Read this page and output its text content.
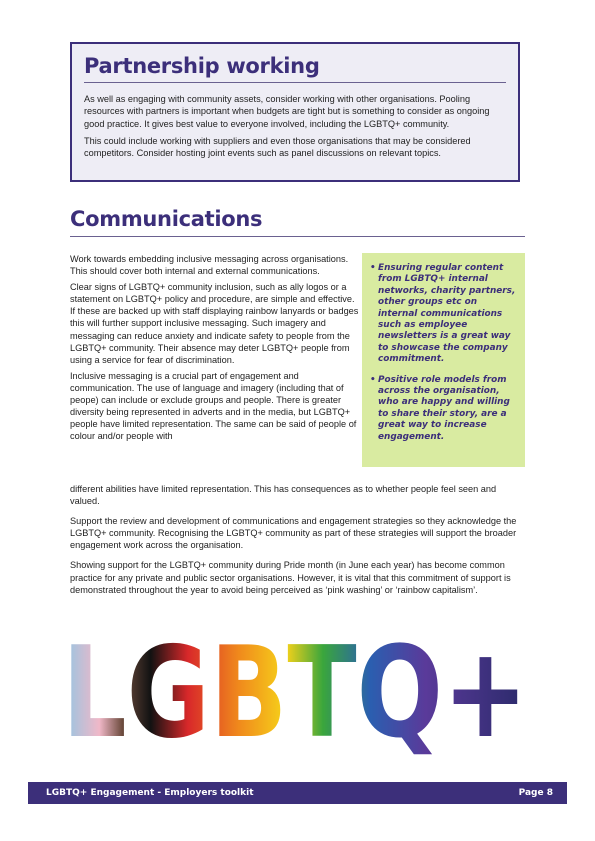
Partnership working

As well as engaging with community assets, consider working with other organisations. Pooling resources with partners is important when budgets are tight but is something to consider as ongoing good practice. It gives best value to everyone involved, including the LGBTQ+ community.

This could include working with suppliers and even those organisations that may be considered competitors. Consider hosting joint events such as panel discussions on relevant topics.

Communications

Work towards embedding inclusive messaging across organisations. This should cover both internal and external communications.

Clear signs of LGBTQ+ community inclusion, such as ally logos or a statement on LGBTQ+ policy and procedure, are simple and effective. If these are backed up with staff displaying rainbow lanyards or badges this will further support inclusive messaging. Such imagery and messaging can reduce anxiety and indicate safety to people from the LGBTQ+ community. Their absence may deter LGBTQ+ people from using a service for fear of discrimination.

Inclusive messaging is a crucial part of engagement and communication. The use of language and imagery (including that of peope) can include or exclude groups and people. There is greater diversity being represented in adverts and in the media, but LGBTQ+ people have limited representation. The same can be said of people of colour and/or people with

• Ensuring regular content from LGBTQ+ internal networks, charity partners, other groups etc on internal communications such as employee newsletters is a great way to showcase the company commitment.
• Positive role models from across the organisation, who are happy and willing to share their story, are a great way to increase engagement.

different abilities have limited representation. This has consequences as to whether people feel seen and valued.

Support the review and development of communications and engagement strategies so they acknowledge the LGBTQ+ community. Recognising the LGBTQ+ community as part of these strategies will support the broader engagement work across the organisation.

Showing support for the LGBTQ+ community during Pride month (in June each year) has become common practice for any private and public sector organisations. However, it is vital that this commitment of support is demonstrated throughout the year to avoid being perceived as ‘pink washing’ or ‘rainbow capitalism’.

LGBTQ+
LGBTQ+ Engagement - Employers toolkit	Page 8
